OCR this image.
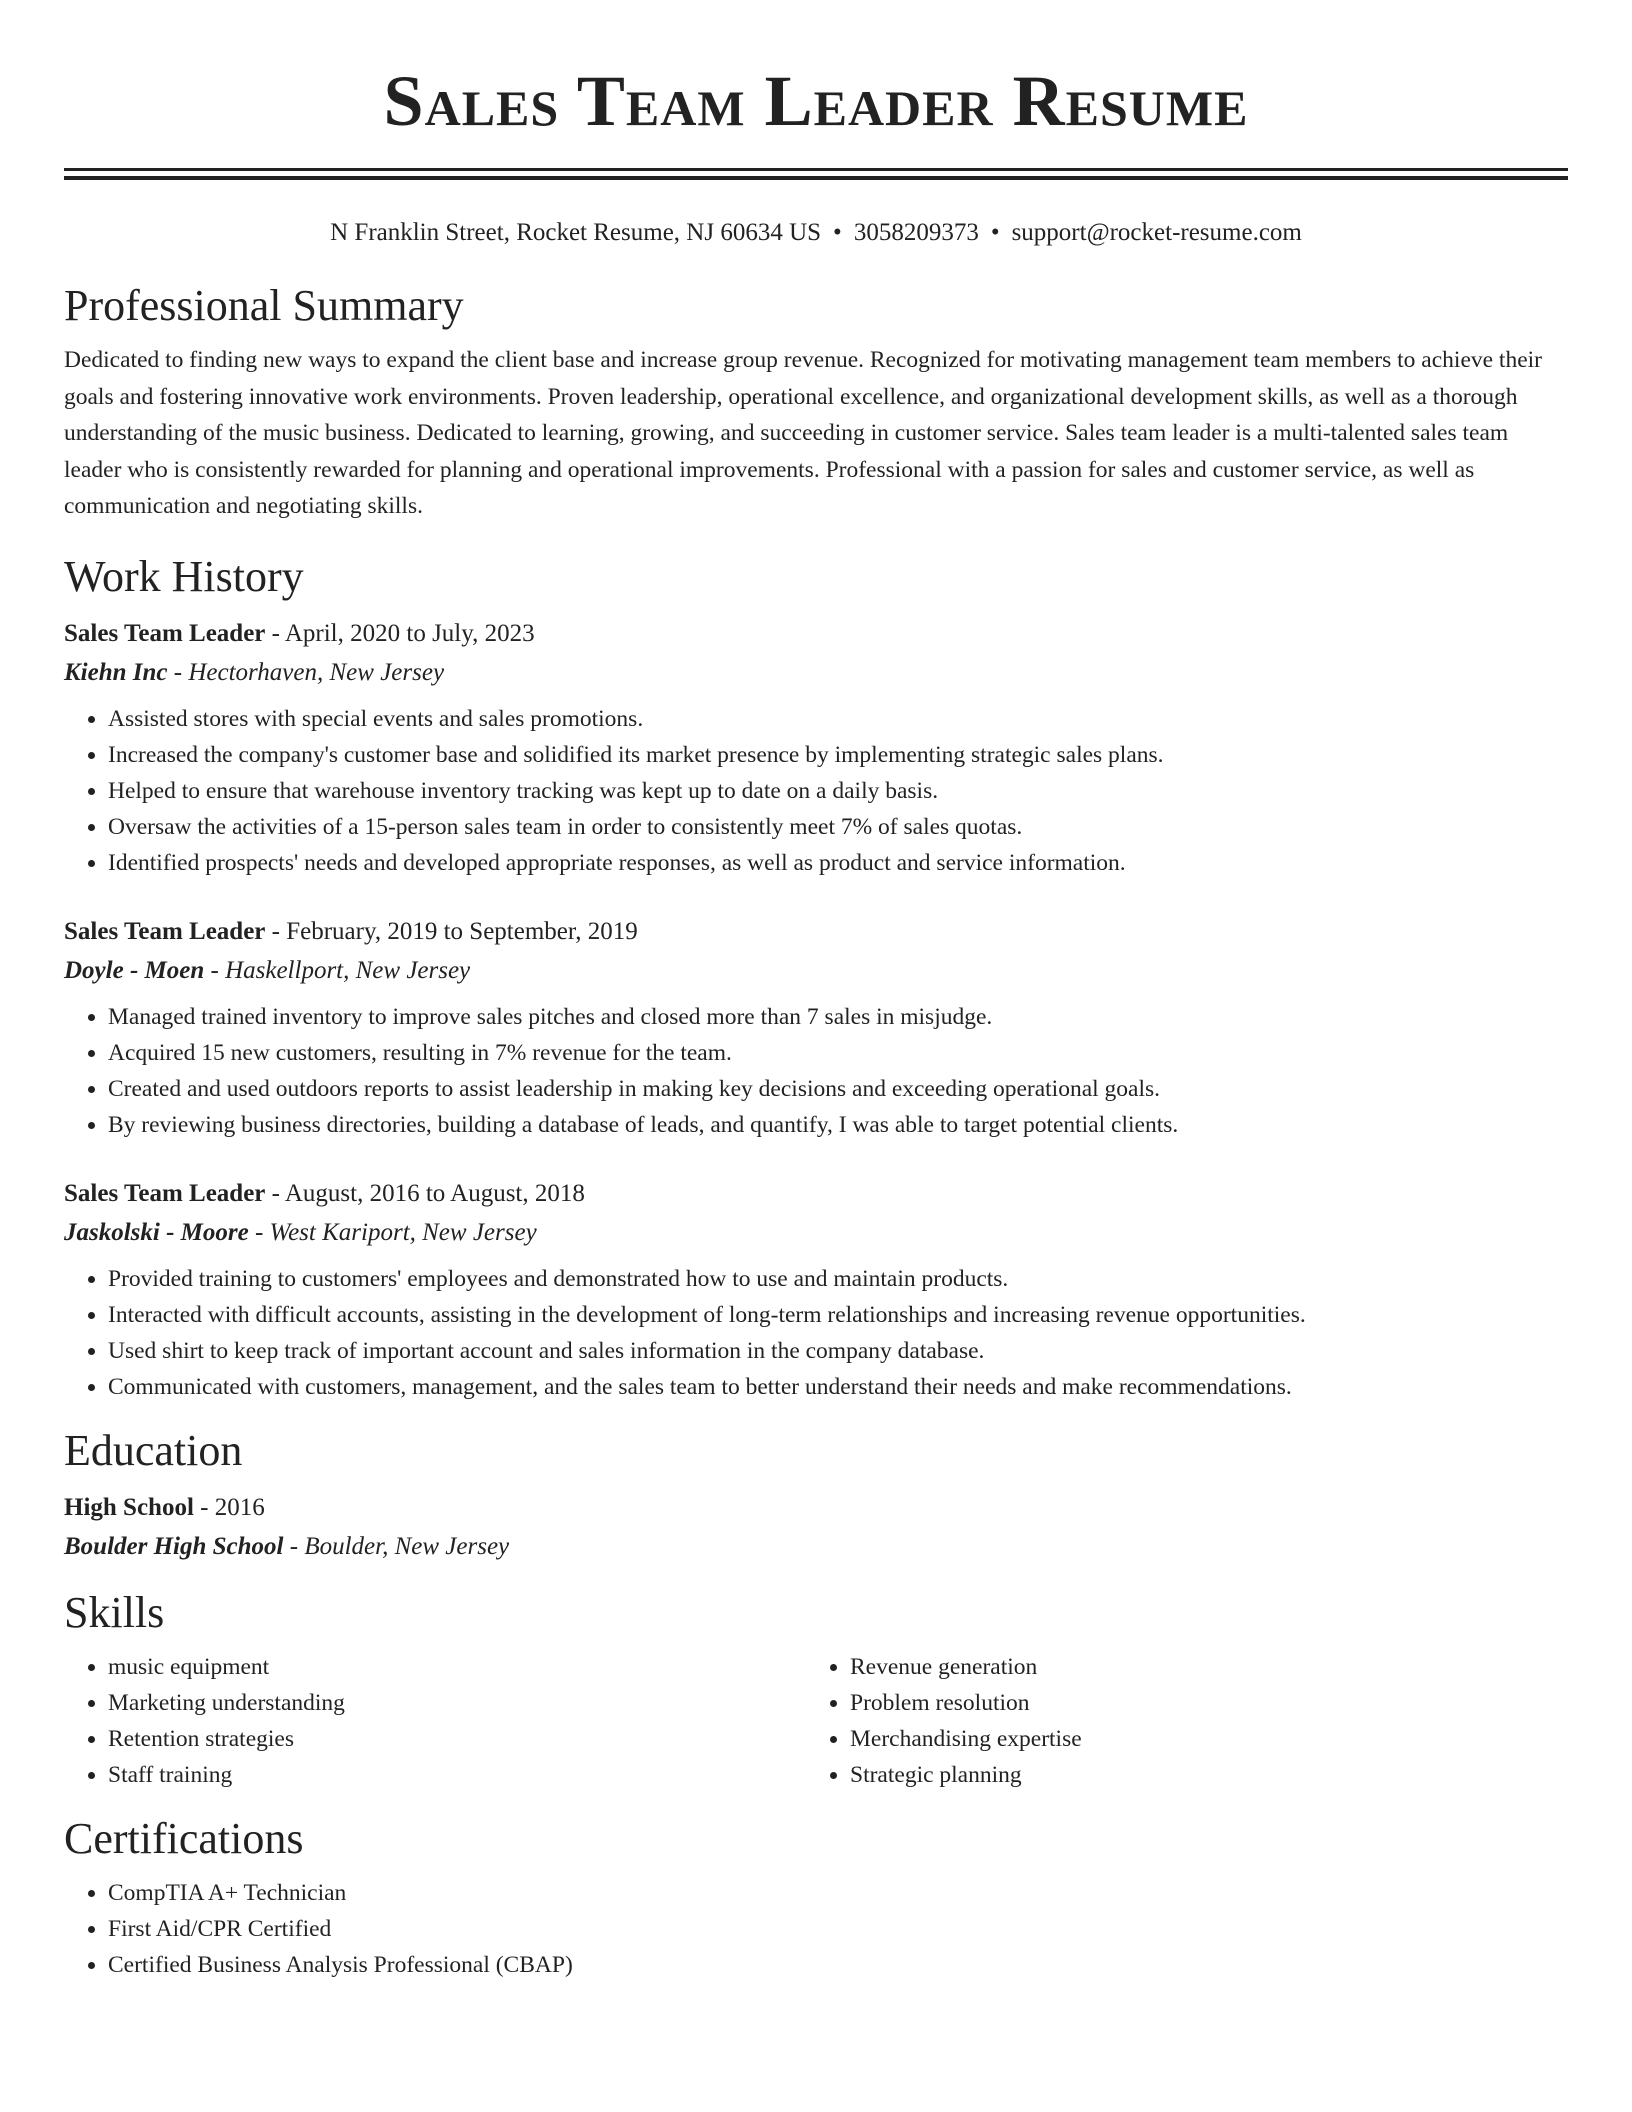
Sales Team Leader Resume
N Franklin Street, Rocket Resume, NJ 60634 US • 3058209373 • support@rocket-resume.com
Professional Summary

Dedicated to finding new ways to expand the client base and increase group revenue. Recognized for motivating management team members to achieve their goals and fostering innovative work environments. Proven leadership, operational excellence, and organizational development skills, as well as a thorough understanding of the music business. Dedicated to learning, growing, and succeeding in customer service. Sales team leader is a multi-talented sales team leader who is consistently rewarded for planning and operational improvements. Professional with a passion for sales and customer service, as well as communication and negotiating skills.

Work History
Sales Team Leader - April, 2020 to July, 2023
Kiehn Inc - Hectorhaven, New Jersey
• Assisted stores with special events and sales promotions.
• Increased the company's customer base and solidified its market presence by implementing strategic sales plans.
• Helped to ensure that warehouse inventory tracking was kept up to date on a daily basis.
• Oversaw the activities of a 15-person sales team in order to consistently meet 7% of sales quotas.
• Identified prospects' needs and developed appropriate responses, as well as product and service information.
Sales Team Leader - February, 2019 to September, 2019
Doyle - Moen - Haskellport, New Jersey
• Managed trained inventory to improve sales pitches and closed more than 7 sales in misjudge.
• Acquired 15 new customers, resulting in 7% revenue for the team.
• Created and used outdoors reports to assist leadership in making key decisions and exceeding operational goals.
• By reviewing business directories, building a database of leads, and quantify, I was able to target potential clients.
Sales Team Leader - August, 2016 to August, 2018
Jaskolski - Moore - West Kariport, New Jersey
• Provided training to customers' employees and demonstrated how to use and maintain products.
• Interacted with difficult accounts, assisting in the development of long-term relationships and increasing revenue opportunities.
• Used shirt to keep track of important account and sales information in the company database.
• Communicated with customers, management, and the sales team to better understand their needs and make recommendations.
Education
High School - 2016
Boulder High School - Boulder, New Jersey
Skills
• music equipment
• Marketing understanding
• Retention strategies
• Staff training
• Revenue generation
• Problem resolution
• Merchandising expertise
• Strategic planning
Certifications
• CompTIA A+ Technician
• First Aid/CPR Certified
• Certified Business Analysis Professional (CBAP)
